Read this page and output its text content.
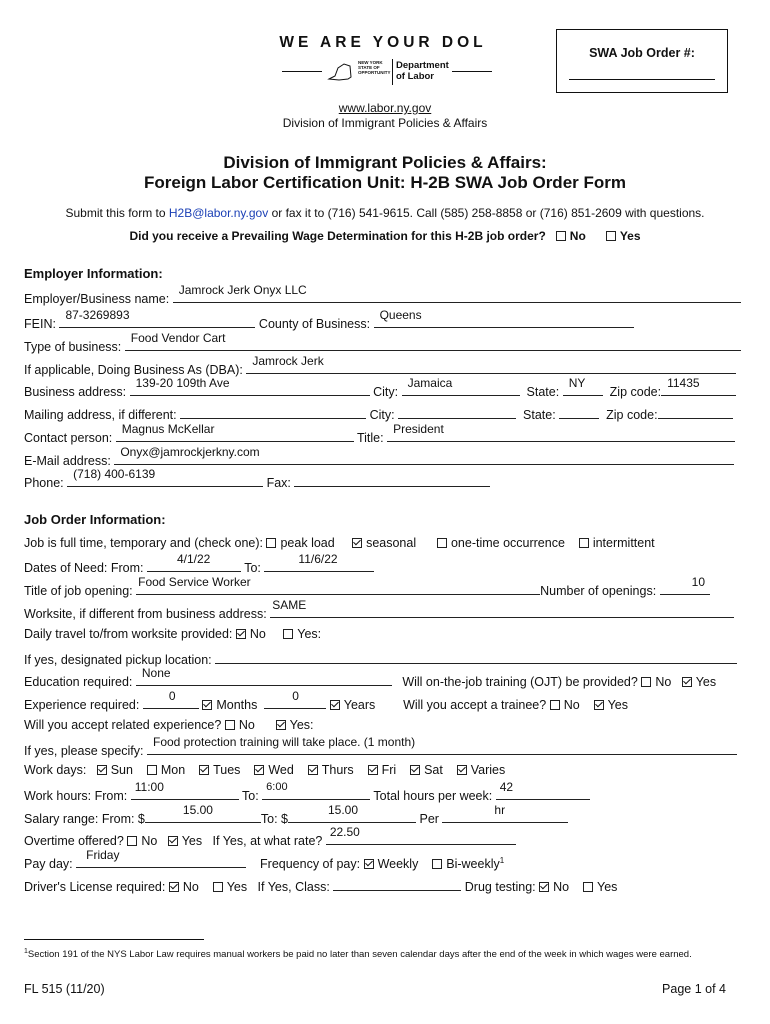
WE ARE YOUR DOL
NEW YORK STATE OF OPPORTUNITY
Department of Labor
SWA Job Order #:
www.labor.ny.gov
Division of Immigrant Policies & Affairs
Division of Immigrant Policies & Affairs:
Foreign Labor Certification Unit: H-2B SWA Job Order Form
Submit this form to H2B@labor.ny.gov or fax it to (716) 541-9615. Call (585) 258-8858 or (716) 851-2609 with questions.
Did you receive a Prevailing Wage Determination for this H-2B job order? No	Yes
Employer Information:
Employer/Business name:
Jamrock Jerk Onyx LLC
FEIN:
87-3269893
County of Business:
Queens
Type of business:
Food Vendor Cart
If applicable, Doing Business As (DBA):
Jamrock Jerk
Business address:
139-20 109th Ave
City:
Jamaica
State:
NY
Zip code:
11435
Mailing address, if different:	City:	State:	Zip code:
Contact person:
Magnus McKellar
Title:
President
E-Mail address:
Onyx@jamrockjerkny.com
Phone:
(718) 400-6139
Fax:
Job Order Information:
Job is full time, temporary and (check one): peak load	seasonal	one-time occurrence intermittent
Dates of Need: From:
4/1/22
To:
11/6/22
Title of job opening:
Food Service Worker
Number of openings:
10
Worksite, if different from business address:
SAME
Daily travel to/from worksite provided: No	Yes:
If yes, designated pickup location:
Education required:
None
Will on-the-job training (OJT) be provided? No Yes
Experience required:
0
Months
0
Years Will you accept a trainee? No Yes
Will you accept related experience? No	Yes:
If yes, please specify:
Food protection training will take place. (1 month)
Work days: Sun Mon Tues Wed Thurs Fri Sat Varies
Work hours: From:
11:00
To:
6:00
Total hours per week:
42
Salary range: From: $
15.00
To: $
15.00
Per
hr
Overtime offered? No Yes If Yes, at what rate?
22.50
Pay day:
Friday
Frequency of pay: Weekly Bi-weekly$^1$
Driver's License required: No Yes If Yes, Class:	Drug testing: No Yes
$^1$Section 191 of the NYS Labor Law requires manual workers be paid no later than seven calendar days after the end of the week in which wages were earned.
FL 515 (11/20)	Page 1 of 4
